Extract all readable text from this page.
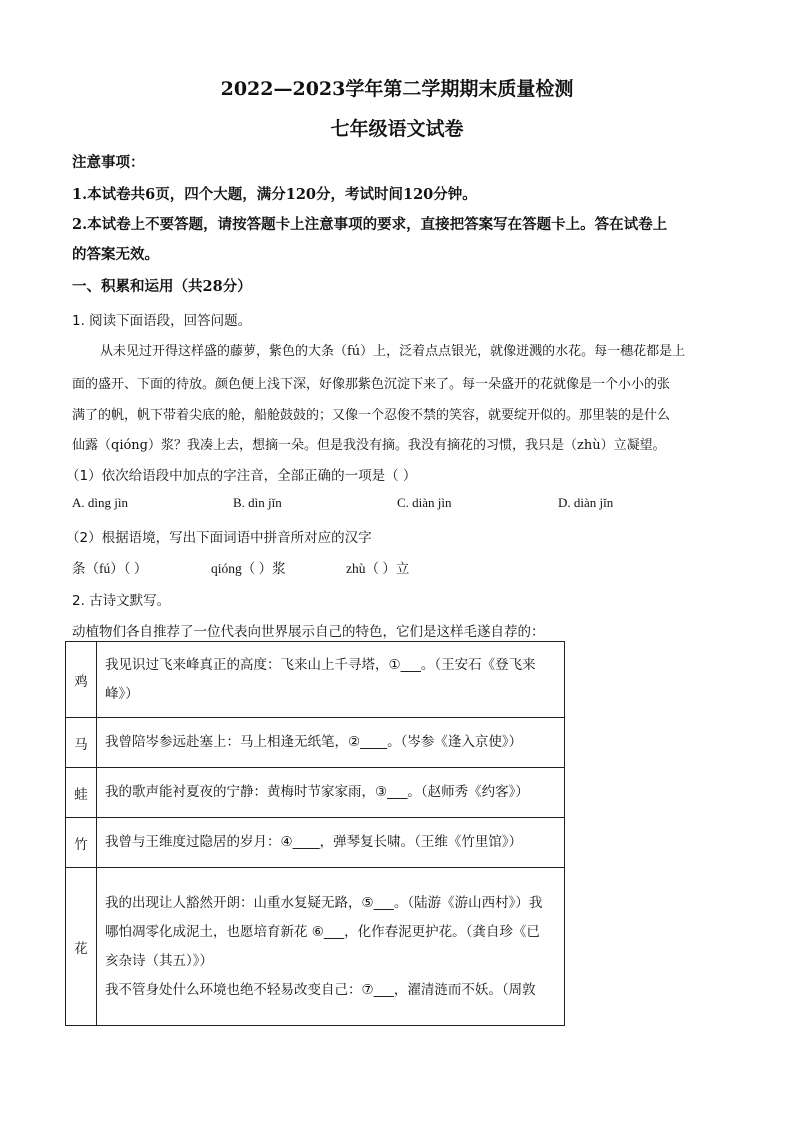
2022—2023学年第二学期期末质量检测
七年级语文试卷
注意事项：
1.本试卷共6页，四个大题，满分120分，考试时间120分钟。
2.本试卷上不要答题，请按答题卡上注意事项的要求，直接把答案写在答题卡上。答在试卷上
的答案无效。
一、积累和运用（共28分）
1. 阅读下面语段，回答问题。
从未见过开得这样盛的藤萝，紫色的大条（fú）上，泛着点点银光，就像迸溅的水花。每一穗花都是上
面的盛开、下面的待放。颜色便上浅下深，好像那紫色沉淀下来了。每一朵盛开的花就像是一个小小的张
满了的帆，帆下带着尖底的舱，船舱鼓鼓的；又像一个忍俊不禁的笑容，就要绽开似的。那里装的是什么
仙露（qióng）浆？我凑上去，想摘一朵。但是我没有摘。我没有摘花的习惯，我只是（zhù）立凝望。
（1）依次给语段中加点的字注音，全部正确的一项是（ ）
A. dìng jìn	B. dìn jǐn	C. diàn jìn	D. diàn jǐn
（2）根据语境，写出下面词语中拼音所对应的汉字
条（fú）（ ）	qióng（ ）浆	zhù（ ）立
2. 古诗文默写。
动植物们各自推荐了一位代表向世界展示自己的特色，它们是这样毛遂自荐的：
鸡	我见识过飞来峰真正的高度：飞来山上千寻塔，①___。（王安石《登飞来峰》）
马	我曾陪岑参远赴塞上：马上相逢无纸笔，②____。（岑参《逢入京使》）
蛙	我的歌声能衬夏夜的宁静：黄梅时节家家雨，③___。（赵师秀《约客》）
竹	我曾与王维度过隐居的岁月：④____，弹琴复长啸。（王维《竹里馆》）
花	我的出现让人豁然开朗：山重水复疑无路，⑤___。（陆游《游山西村》）我
哪怕凋零化成泥土，也愿培育新花 ⑥___，化作春泥更护花。（龚自珍《已
亥杂诗（其五）》）
我不管身处什么环境也绝不轻易改变自己：⑦___，濯清涟而不妖。（周敦
